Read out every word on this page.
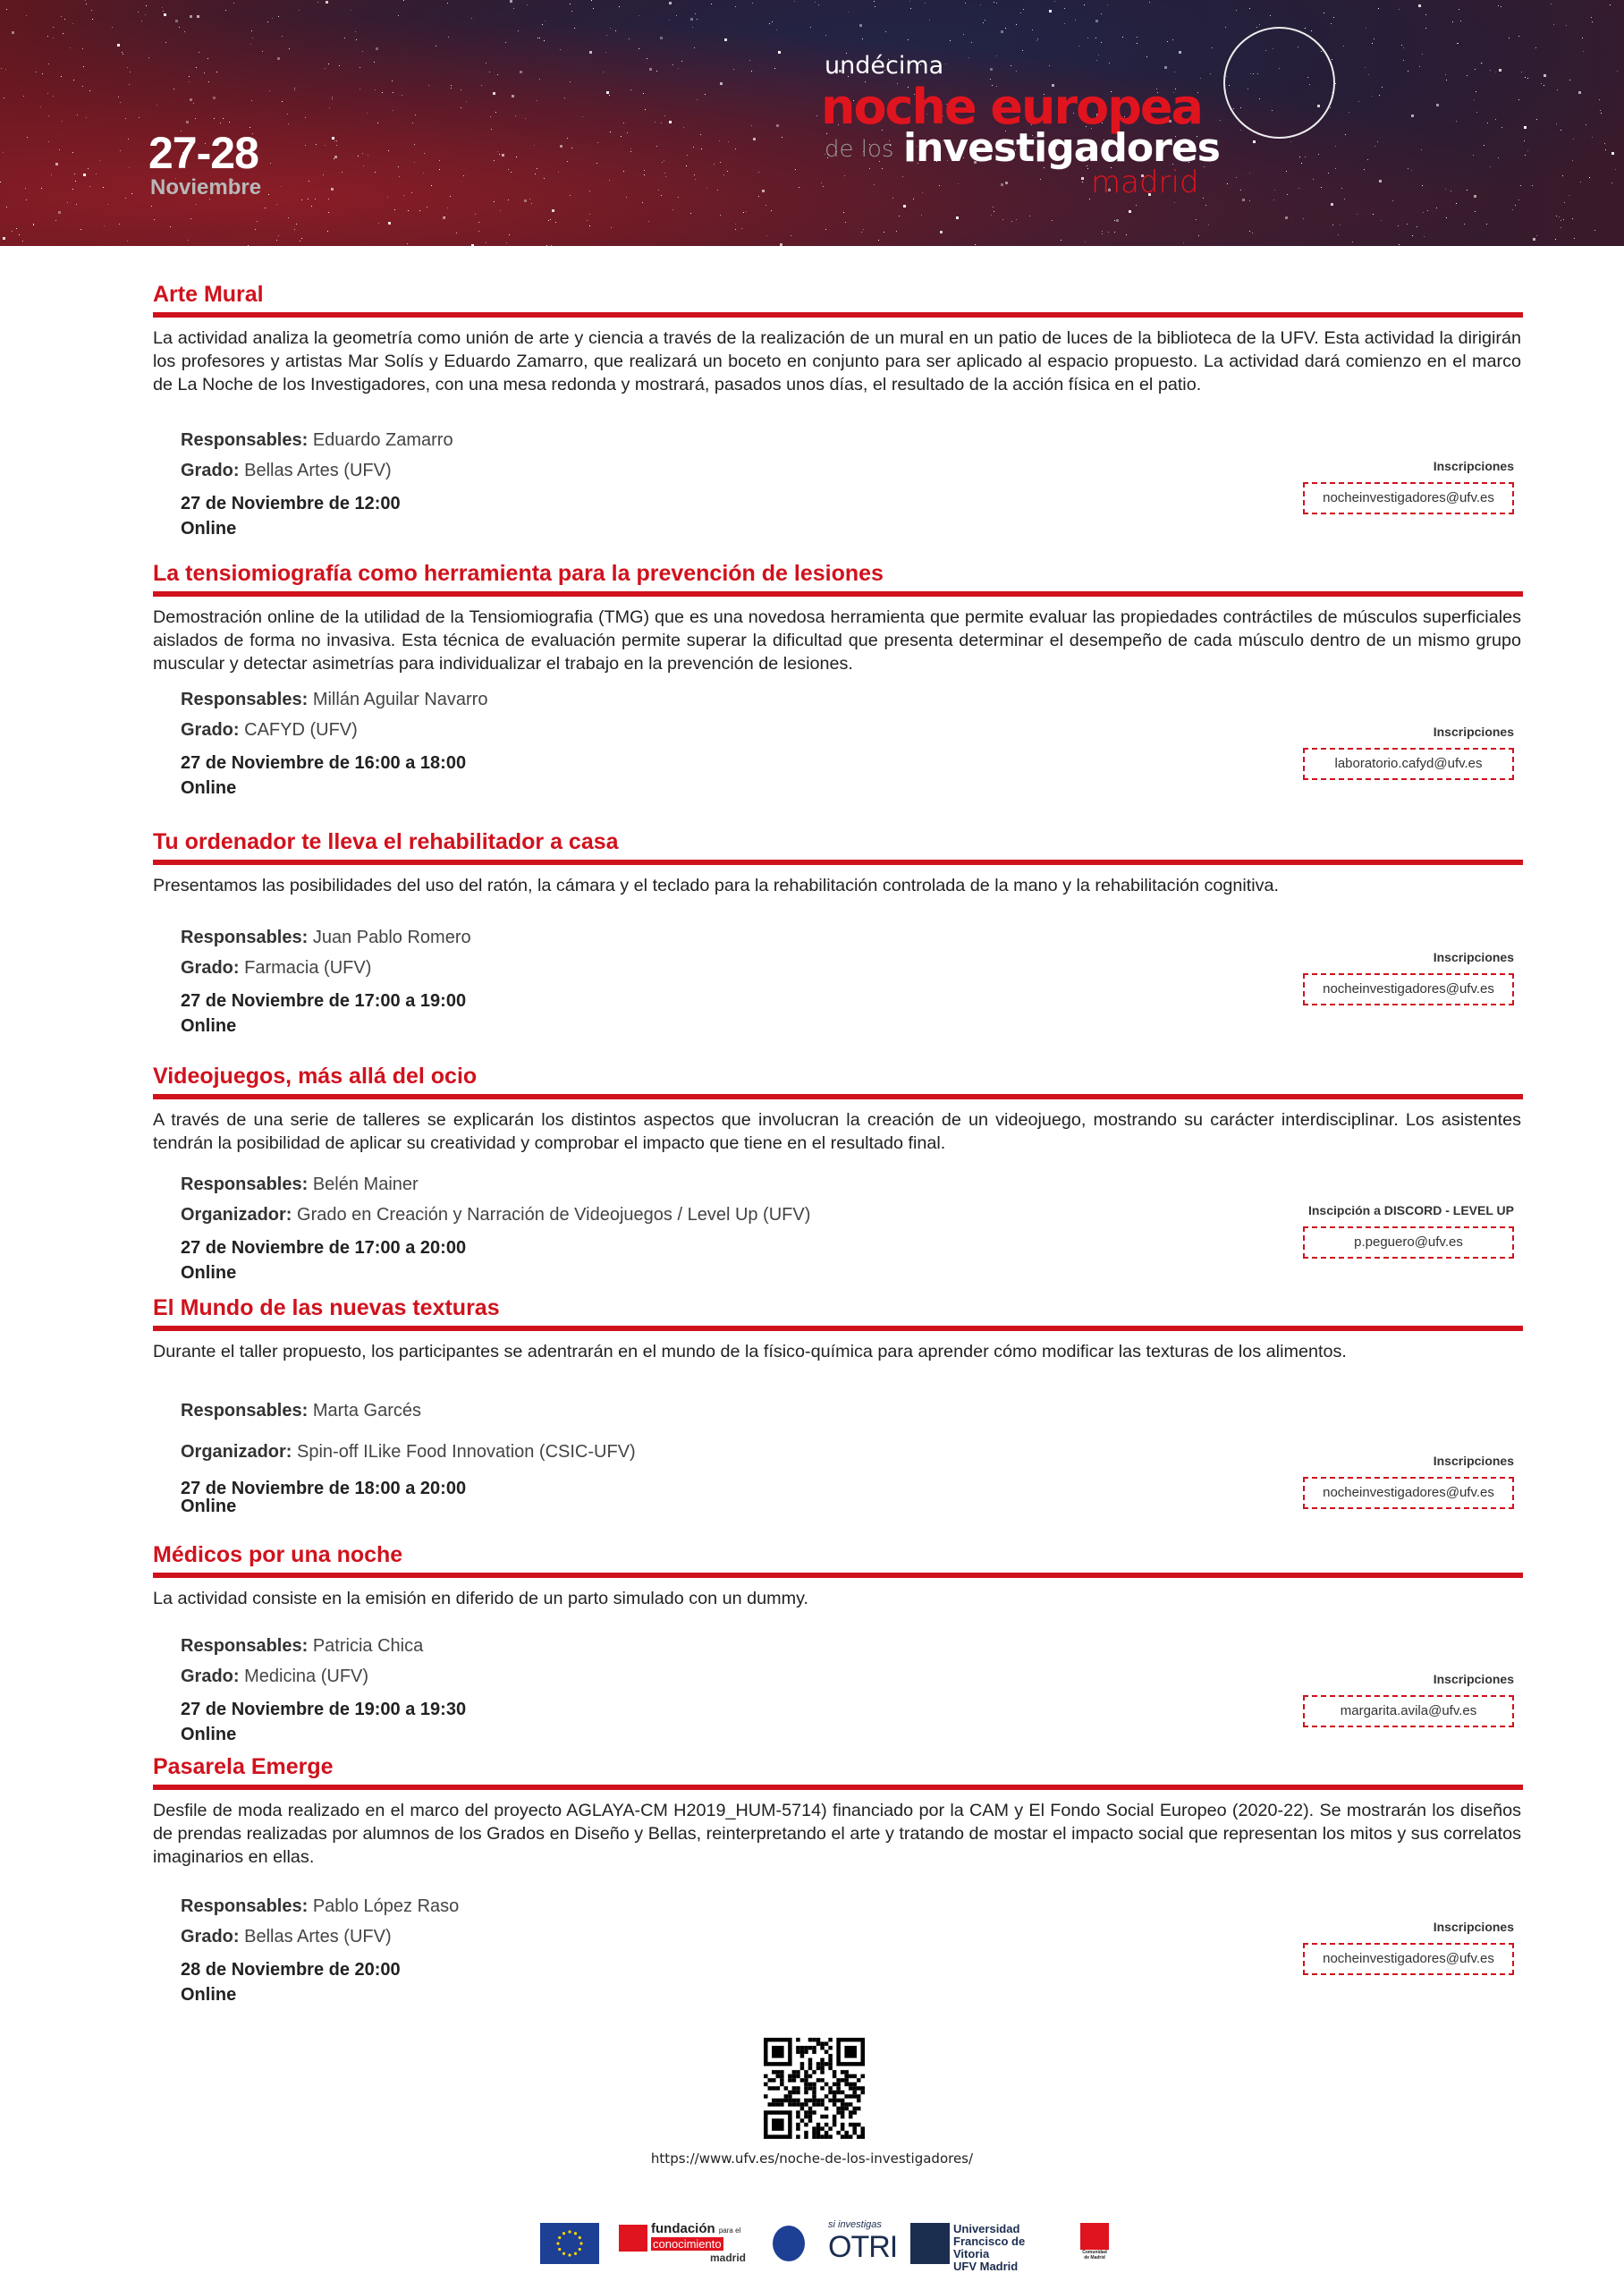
27-28
Noviembre
undécima
noche europea
de los investigadores
madrid
Arte Mural
La actividad analiza la geometría como unión de arte y ciencia a través de la realización de un mural en un patio de luces de la biblioteca de la UFV. Esta actividad la dirigirán los profesores y artistas Mar Solís y Eduardo Zamarro, que realizará un boceto en conjunto para ser aplicado al espacio propuesto. La actividad dará comienzo en el marco de La Noche de los Investigadores, con una mesa redonda y mostrará, pasados unos días, el resultado de la acción física en el patio.
Responsables: Eduardo Zamarro
Grado: Bellas Artes (UFV)
27 de Noviembre de 12:00
Online
Inscripciones
nocheinvestigadores@ufv.es
La tensiomiografía como herramienta para la prevención de lesiones
Demostración online de la utilidad de la Tensiomiografia (TMG) que es una novedosa herramienta que permite evaluar las propiedades contráctiles de músculos superficiales aislados de forma no invasiva. Esta técnica de evaluación permite superar la dificultad que presenta determinar el desempeño de cada músculo dentro de un mismo grupo muscular y detectar asimetrías para individualizar el trabajo en la prevención de lesiones.
Responsables: Millán Aguilar Navarro
Grado: CAFYD (UFV)
27 de Noviembre de 16:00 a 18:00
Online
Inscripciones
laboratorio.cafyd@ufv.es
Tu ordenador te lleva el rehabilitador a casa
Presentamos las posibilidades del uso del ratón, la cámara y el teclado para la rehabilitación controlada de la mano y la rehabilitación cognitiva.
Responsables: Juan Pablo Romero
Grado: Farmacia (UFV)
27 de Noviembre de 17:00 a 19:00
Online
Inscripciones
nocheinvestigadores@ufv.es
Videojuegos, más allá del ocio
A través de una serie de talleres se explicarán los distintos aspectos que involucran la creación de un videojuego, mostrando su carácter interdisciplinar. Los asistentes tendrán la posibilidad de aplicar su creatividad y comprobar el impacto que tiene en el resultado final.
Responsables: Belén Mainer
Organizador: Grado en Creación y Narración de Videojuegos / Level Up (UFV)
27 de Noviembre de 17:00 a 20:00
Online
Inscipción a DISCORD - LEVEL UP
p.peguero@ufv.es
El Mundo de las nuevas texturas
Durante el taller propuesto, los participantes se adentrarán en el mundo de la físico-química para aprender cómo modificar las texturas de los alimentos.
Responsables: Marta Garcés
Organizador: Spin-off ILike Food Innovation (CSIC-UFV)
27 de Noviembre de 18:00 a 20:00
Online
Inscripciones
nocheinvestigadores@ufv.es
Médicos por una noche
La actividad consiste en la emisión en diferido de un parto simulado con un dummy.
Responsables: Patricia Chica
Grado: Medicina (UFV)
27 de Noviembre de 19:00 a 19:30
Online
Inscripciones
margarita.avila@ufv.es
Pasarela Emerge
Desfile de moda realizado en el marco del proyecto AGLAYA-CM H2019_HUM-5714) financiado por la CAM y El Fondo Social Europeo (2020-22). Se mostrarán los diseños de prendas realizadas por alumnos de los Grados en Diseño y Bellas, reinterpretando el arte y tratando de mostar el impacto social que representan los mitos y sus correlatos imaginarios en ellas.
Responsables: Pablo López Raso
Grado: Bellas Artes (UFV)
28 de Noviembre de 20:00
Online
Inscripciones
nocheinvestigadores@ufv.es
https://www.ufv.es/noche-de-los-investigadores/
fundación para el
conocimiento
madrid
si investigas
OTRI
Universidad
Francisco de Vitoria
UFV Madrid
Comunidad de Madrid
